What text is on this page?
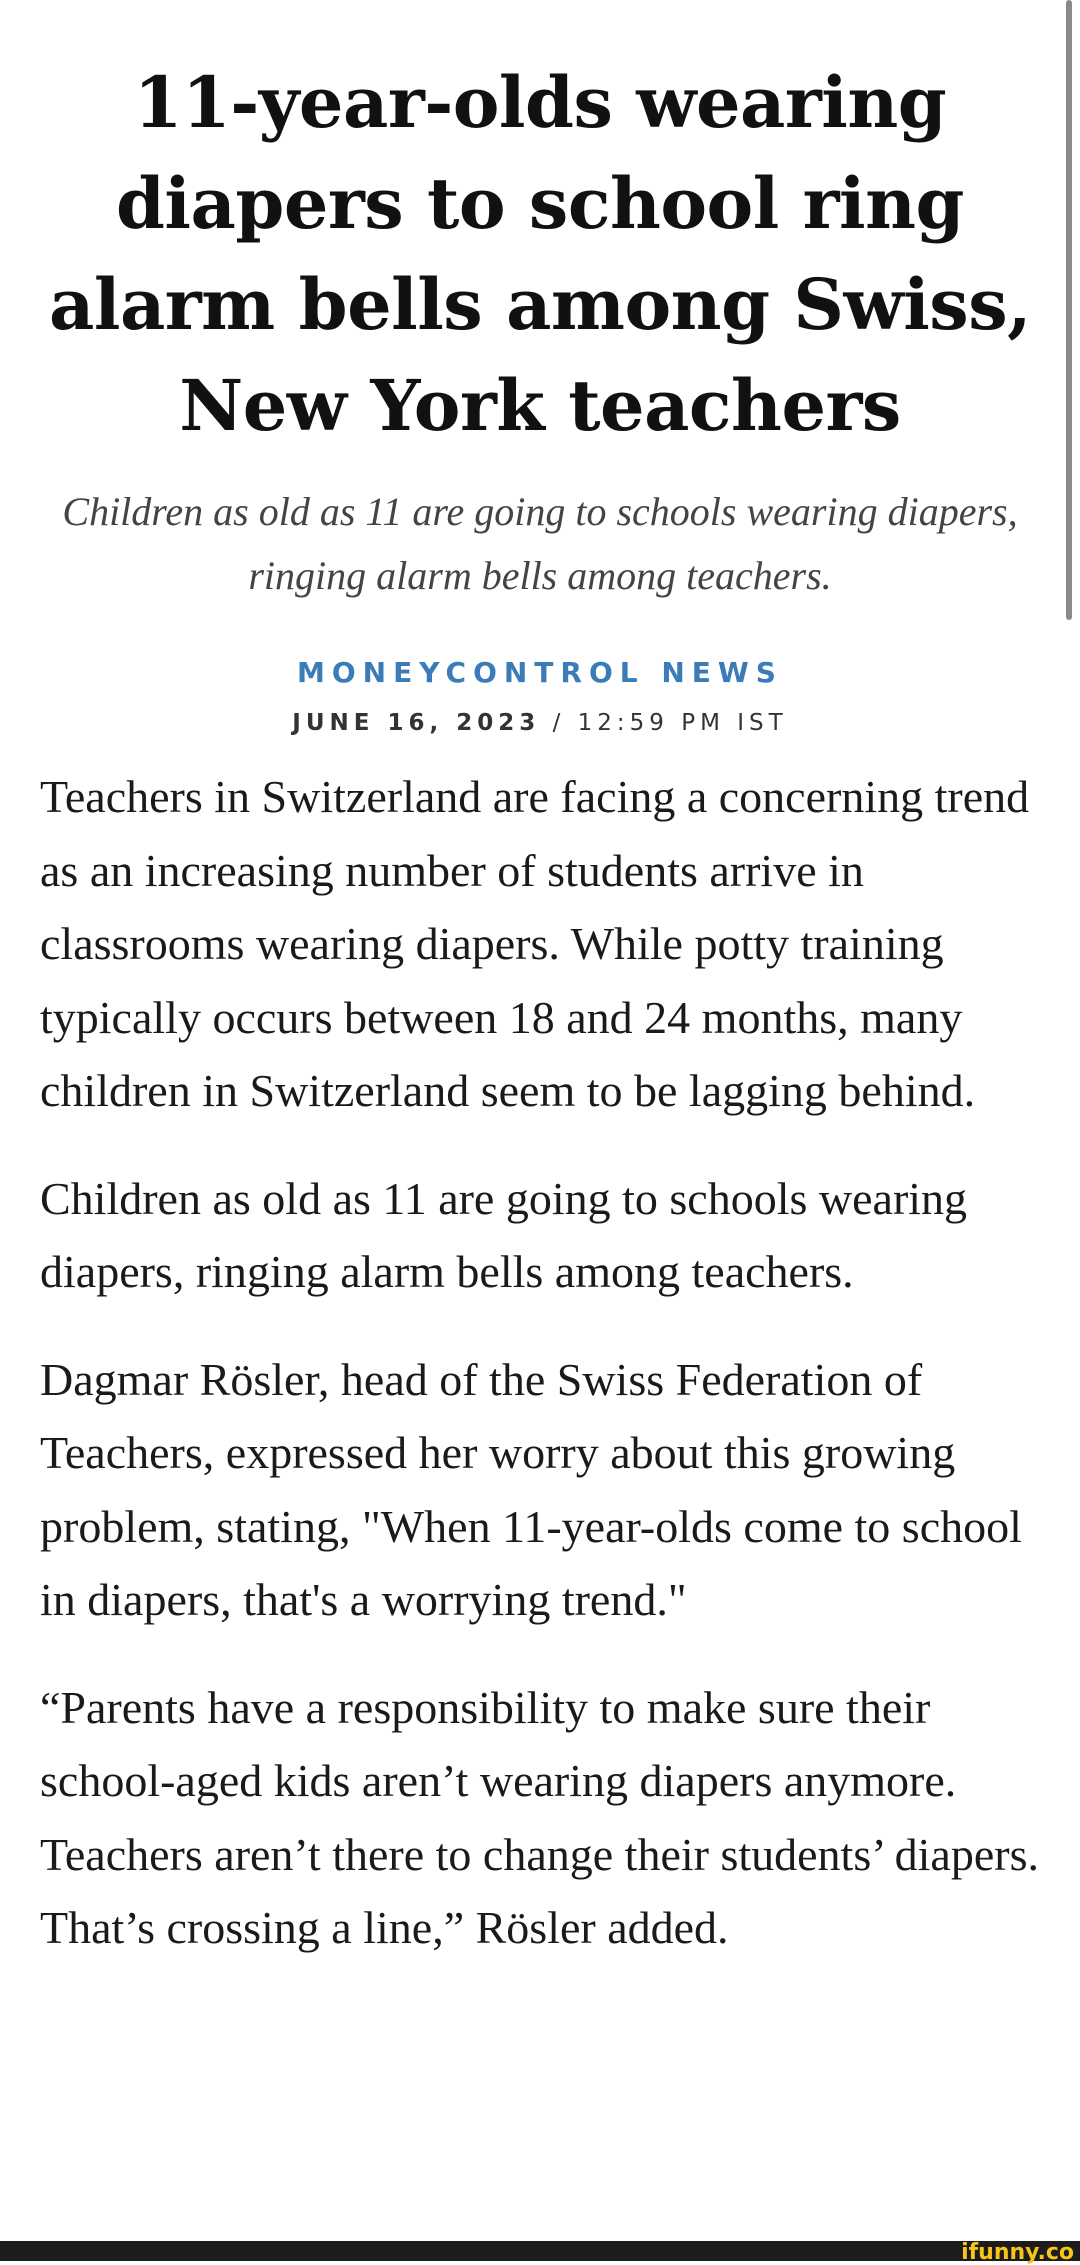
11-year-olds wearing diapers to school ring alarm bells among Swiss, New York teachers

Children as old as 11 are going to schools wearing diapers, ringing alarm bells among teachers.

MONEYCONTROL NEWS
JUNE 16, 2023 / 12:59 PM IST

Teachers in Switzerland are facing a concerning trend as an increasing number of students arrive in classrooms wearing diapers. While potty training typically occurs between 18 and 24 months, many children in Switzerland seem to be lagging behind.

Children as old as 11 are going to schools wearing diapers, ringing alarm bells among teachers.

Dagmar Rösler, head of the Swiss Federation of Teachers, expressed her worry about this growing problem, stating, "When 11-year-olds come to school in diapers, that's a worrying trend."

“Parents have a responsibility to make sure their school-aged kids aren’t wearing diapers anymore. Teachers aren’t there to change their students’ diapers. That’s crossing a line,” Rösler added.

ifunny.co
